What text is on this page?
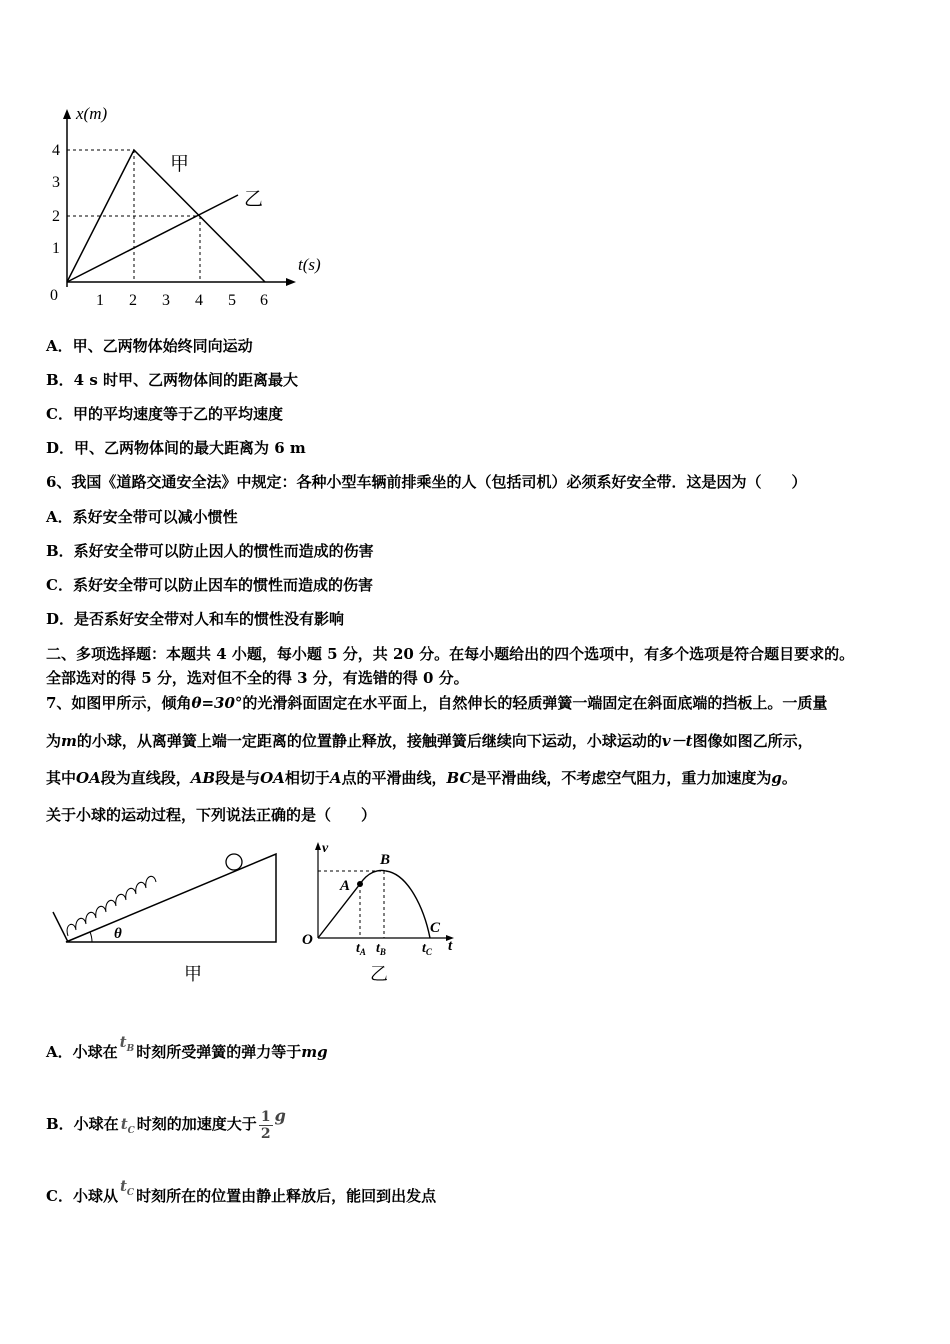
x(m)
t(s)
0
1
2
3
4
1 2 3 4 5 6
甲
乙
A．甲、乙两物体始终同向运动
B．4 s 时甲、乙两物体间的距离最大
C．甲的平均速度等于乙的平均速度
D．甲、乙两物体间的最大距离为 6 m
6、我国《道路交通安全法》中规定：各种小型车辆前排乘坐的人（包括司机）必须系好安全带．这是因为（　　）
A．系好安全带可以减小惯性
B．系好安全带可以防止因人的惯性而造成的伤害
C．系好安全带可以防止因车的惯性而造成的伤害
D．是否系好安全带对人和车的惯性没有影响
二、多项选择题：本题共 4 小题，每小题 5 分，共 20 分。在每小题给出的四个选项中，有多个选项是符合题目要求的。
全部选对的得 5 分，选对但不全的得 3 分，有选错的得 0 分。
7、如图甲所示，倾角θ=30°的光滑斜面固定在水平面上，自然伸长的轻质弹簧一端固定在斜面底端的挡板上。一质量
为m的小球，从离弹簧上端一定距离的位置静止释放，接触弹簧后继续向下运动，小球运动的v－t图像如图乙所示，
其中OA段为直线段，AB段是与OA相切于A点的平滑曲线，BC是平滑曲线，不考虑空气阻力，重力加速度为g。
关于小球的运动过程，下列说法正确的是（　　）
θ
甲
v
O
A
B
C
t
$t_A$ $t_B$	$t_C$
乙
A．小球在$t_B$ 时刻所受弹簧的弹力等于mg
B．小球在 $t_C$ 时刻的加速度大于 $\frac{1}{2}$ g
C．小球从$t_C$ 时刻所在的位置由静止释放后，能回到出发点
